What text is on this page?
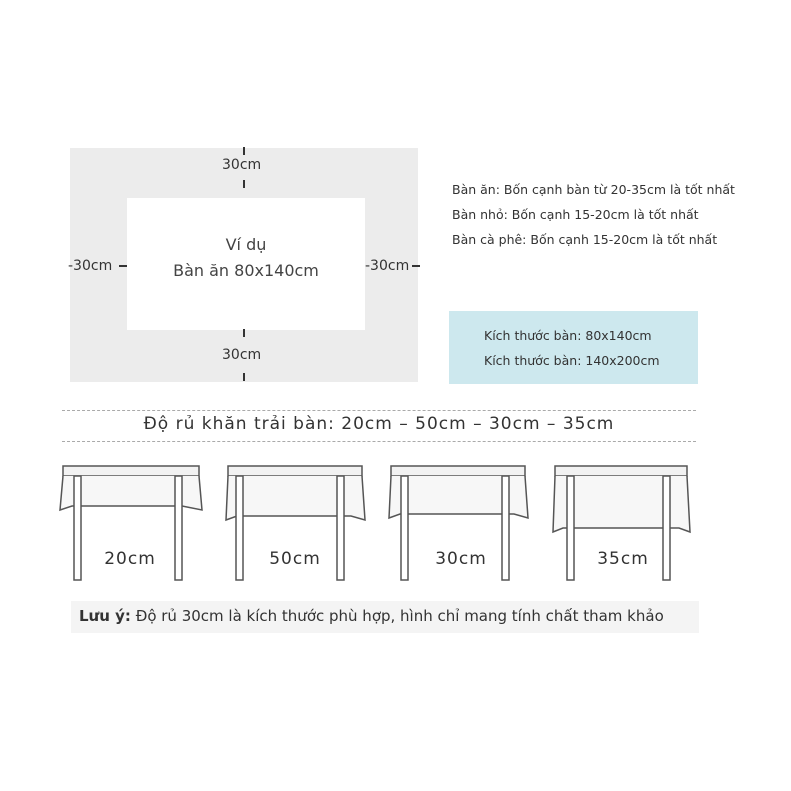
Ví dụ
Bàn ăn 80x140cm
30cm
30cm
-30cm	-30cm
Bàn ăn: Bốn cạnh bàn từ 20-35cm là tốt nhất
Bàn nhỏ: Bốn cạnh 15-20cm là tốt nhất
Bàn cà phê: Bốn cạnh 15-20cm là tốt nhất
Kích thước bàn: 80x140cm
Kích thước bàn: 140x200cm
Độ rủ khăn trải bàn: 20cm – 50cm – 30cm – 35cm
20cm	50cm	30cm	35cm
Lưu ý: Độ rủ 30cm là kích thước phù hợp, hình chỉ mang tính chất tham khảo
